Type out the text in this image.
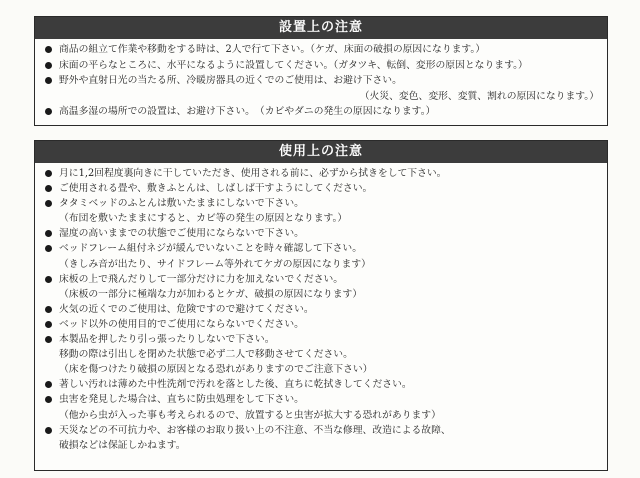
設置上の注意
商品の組立て作業や移動をする時は、2人で行て下さい。（ケガ、床面の破損の原因になります。）
床面の平らなところに、水平になるように設置してください。（ガタツキ、転倒、変形の原因となります。）
野外や直射日光の当たる所、冷暖房器具の近くでのご使用は、お避け下さい。
（火災、変色、変形、変質、割れの原因になります。）
高温多湿の場所での設置は、お避け下さい。　（カビやダニの発生の原因になります。）
使用上の注意
月に1,2回程度裏向きに干していただき、使用される前に、必ずから拭きをして下さい。
ご使用される畳や、敷きふとんは、しばしば干すようにしてください。
タタミベッドのふとんは敷いたままにしないで下さい。
（布団を敷いたままにすると、カビ等の発生の原因となります。）
湿度の高いままでの状態でご使用にならないで下さい。
ベッドフレーム組付ネジが緩んでいないことを時々確認して下さい。
（きしみ音が出たり、サイドフレーム等外れてケガの原因になります）
床板の上で飛んだりして一部分だけに力を加えないでください。
（床板の一部分に極端な力が加わるとケガ、破損の原因になります）
火気の近くでのご使用は、危険ですので避けてください。
ベッド以外の使用目的でご使用にならないでください。
本製品を押したり引っ張ったりしないで下さい。
移動の際は引出しを閉めた状態で必ず二人で移動させてください。
（床を傷つけたり破損の原因となる恐れがありますのでご注意下さい）
著しい汚れは薄めた中性洗剤で汚れを落とした後、直ちに乾拭きしてください。
虫害を発見した場合は、直ちに防虫処理をして下さい。
（他から虫が入った事も考えられるので、放置すると虫害が拡大する恐れがあります）
天災などの不可抗力や、お客様のお取り扱い上の不注意、不当な修理、改造による故障、
破損などは保証しかねます。
